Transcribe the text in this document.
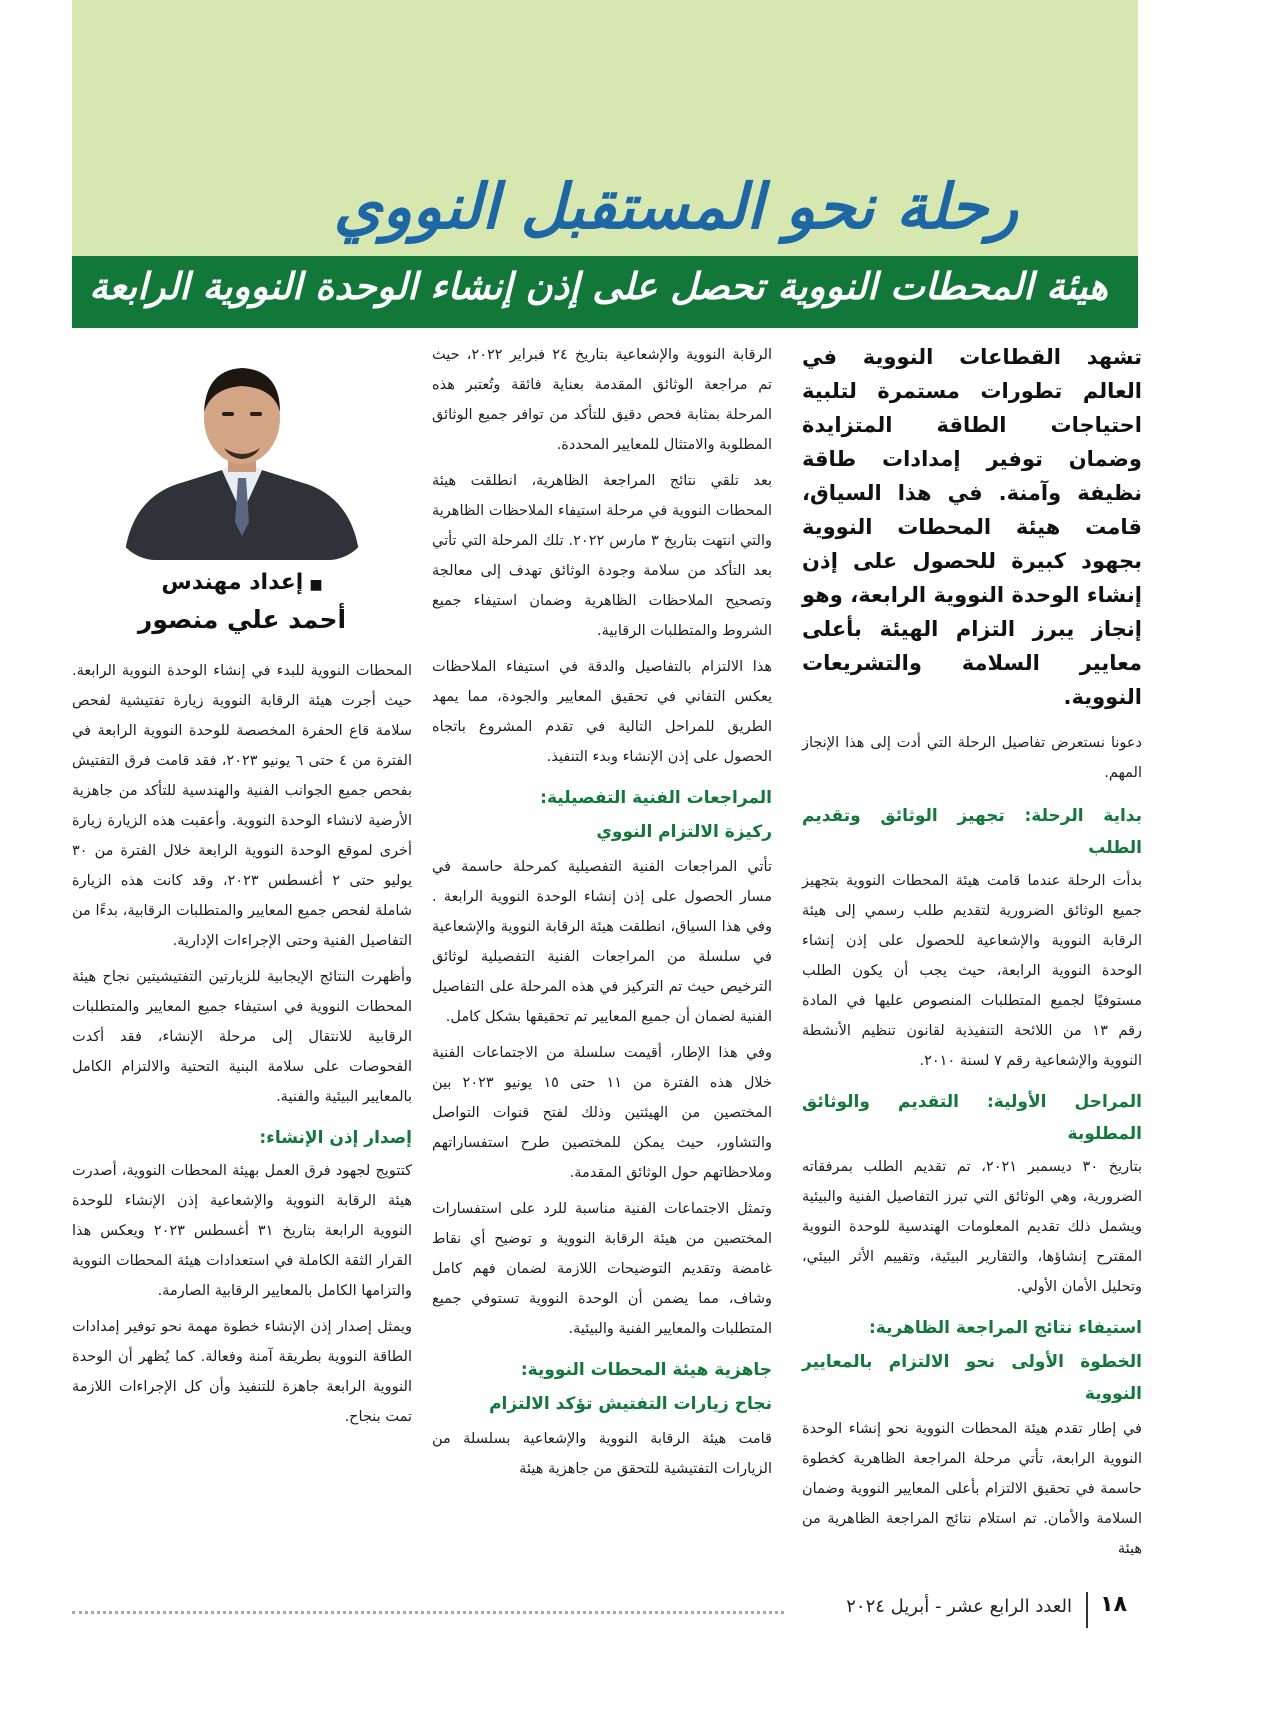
رحلة نحو المستقبل النووي
هيئة المحطات النووية تحصل على إذن إنشاء الوحدة النووية الرابعة

تشهد القطاعات النووية في العالم تطورات مستمرة لتلبية احتياجات الطاقة المتزايدة وضمان توفير إمدادات طاقة نظيفة وآمنة. في هذا السياق، قامت هيئة المحطات النووية بجهود كبيرة للحصول على إذن إنشاء الوحدة النووية الرابعة، وهو إنجاز يبرز التزام الهيئة بأعلى معايير السلامة والتشريعات النووية.

دعونا نستعرض تفاصيل الرحلة التي أدت إلى هذا الإنجاز المهم.

بداية الرحلة: تجهيز الوثائق وتقديم الطلب

بدأت الرحلة عندما قامت هيئة المحطات النووية بتجهيز جميع الوثائق الضرورية لتقديم طلب رسمي إلى هيئة الرقابة النووية والإشعاعية للحصول على إذن إنشاء الوحدة النووية الرابعة، حيث يجب أن يكون الطلب مستوفيًا لجميع المتطلبات المنصوص عليها في المادة رقم ١٣ من اللائحة التنفيذية لقانون تنظيم الأنشطة النووية والإشعاعية رقم ٧ لسنة ٢٠١٠.

المراحل الأولية: التقديم والوثائق المطلوبة

بتاريخ ٣٠ ديسمبر ٢٠٢١، تم تقديم الطلب بمرفقاته الضرورية، وهي الوثائق التي تبرز التفاصيل الفنية والبيئية ويشمل ذلك تقديم المعلومات الهندسية للوحدة النووية المقترح إنشاؤها، والتقارير البيئية، وتقييم الأثر البيئي، وتحليل الأمان الأولي.

استيفاء نتائج المراجعة الظاهرية:
الخطوة الأولى نحو الالتزام بالمعايير النووية

في إطار تقدم هيئة المحطات النووية نحو إنشاء الوحدة النووية الرابعة، تأتي مرحلة المراجعة الظاهرية كخطوة حاسمة في تحقيق الالتزام بأعلى المعايير النووية وضمان السلامة والأمان. تم استلام نتائج المراجعة الظاهرية من هيئة

الرقابة النووية والإشعاعية بتاريخ ٢٤ فبراير ٢٠٢٢، حيث تم مراجعة الوثائق المقدمة بعناية فائقة وتُعتبر هذه المرحلة بمثابة فحص دقيق للتأكد من توافر جميع الوثائق المطلوبة والامتثال للمعايير المحددة.

بعد تلقي نتائج المراجعة الظاهرية، انطلقت هيئة المحطات النووية في مرحلة استيفاء الملاحظات الظاهرية والتي انتهت بتاريخ ٣ مارس ٢٠٢٢. تلك المرحلة التي تأتي بعد التأكد من سلامة وجودة الوثائق تهدف إلى معالجة وتصحيح الملاحظات الظاهرية وضمان استيفاء جميع الشروط والمتطلبات الرقابية.

هذا الالتزام بالتفاصيل والدقة في استيفاء الملاحظات يعكس التفاني في تحقيق المعايير والجودة، مما يمهد الطريق للمراحل التالية في تقدم المشروع باتجاه الحصول على إذن الإنشاء وبدء التنفيذ.

المراجعات الفنية التفصيلية:
ركيزة الالتزام النووي

تأتي المراجعات الفنية التفصيلية كمرحلة حاسمة في مسار الحصول على إذن إنشاء الوحدة النووية الرابعة . وفي هذا السياق، انطلقت هيئة الرقابة النووية والإشعاعية في سلسلة من المراجعات الفنية التفصيلية لوثائق الترخيص حيث تم التركيز في هذه المرحلة على التفاصيل الفنية لضمان أن جميع المعايير تم تحقيقها بشكل كامل.

وفي هذا الإطار، أقيمت سلسلة من الاجتماعات الفنية خلال هذه الفترة من ١١ حتى ١٥ يونيو ٢٠٢٣ بين المختصين من الهيئتين وذلك لفتح قنوات التواصل والتشاور، حيث يمكن للمختصين طرح استفساراتهم وملاحظاتهم حول الوثائق المقدمة.

وتمثل الاجتماعات الفنية مناسبة للرد على استفسارات المختصين من هيئة الرقابة النووية و توضيح أي نقاط غامضة وتقديم التوضيحات اللازمة لضمان فهم كامل وشاف، مما يضمن أن الوحدة النووية تستوفي جميع المتطلبات والمعايير الفنية والبيئية.

جاهزية هيئة المحطات النووية:
نجاح زيارات التفتيش تؤكد الالتزام

قامت هيئة الرقابة النووية والإشعاعية بسلسلة من الزيارات التفتيشية للتحقق من جاهزية هيئة

■إعداد مهندس
أحمد علي منصور

المحطات النووية للبدء في إنشاء الوحدة النووية الرابعة. حيث أجرت هيئة الرقابة النووية زيارة تفتيشية لفحص سلامة قاع الحفرة المخصصة للوحدة النووية الرابعة في الفترة من ٤ حتى ٦ يونيو ٢٠٢٣، فقد قامت فرق التفتيش بفحص جميع الجوانب الفنية والهندسية للتأكد من جاهزية الأرضية لانشاء الوحدة النووية. وأعقبت هذه الزيارة زيارة أخرى لموقع الوحدة النووية الرابعة خلال الفترة من ٣٠ يوليو حتى ٢ أغسطس ٢٠٢٣، وقد كانت هذه الزيارة شاملة لفحص جميع المعايير والمتطلبات الرقابية، بدءًا من التفاصيل الفنية وحتى الإجراءات الإدارية.

وأظهرت النتائج الإيجابية للزيارتين التفتيشيتين نجاح هيئة المحطات النووية في استيفاء جميع المعايير والمتطلبات الرقابية للانتقال إلى مرحلة الإنشاء، فقد أكدت الفحوصات على سلامة البنية التحتية والالتزام الكامل بالمعايير البيئية والفنية.

إصدار إذن الإنشاء:

كتتويج لجهود فرق العمل بهيئة المحطات النووية، أصدرت هيئة الرقابة النووية والإشعاعية إذن الإنشاء للوحدة النووية الرابعة بتاريخ ٣١ أغسطس ٢٠٢٣ ويعكس هذا القرار الثقة الكاملة في استعدادات هيئة المحطات النووية والتزامها الكامل بالمعايير الرقابية الصارمة.

ويمثل إصدار إذن الإنشاء خطوة مهمة نحو توفير إمدادات الطاقة النووية بطريقة آمنة وفعالة. كما يُظهر أن الوحدة النووية الرابعة جاهزة للتنفيذ وأن كل الإجراءات اللازمة تمت بنجاح.

١٨
العدد الرابع عشر - أبريل ٢٠٢٤
